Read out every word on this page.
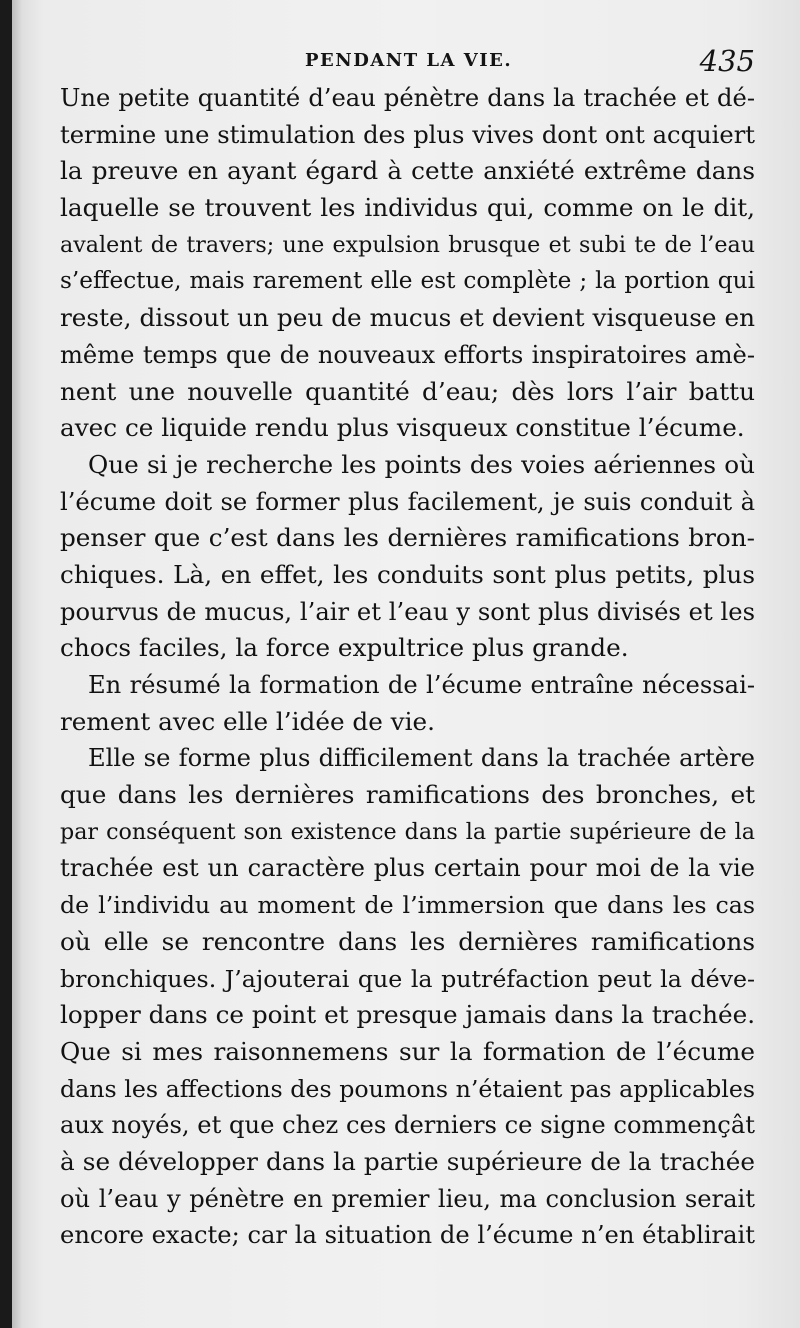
PENDANT LA VIE.	435
Une petite quantité d’eau pénètre dans la trachée et dé-
termine une stimulation des plus vives dont ont acquiert
la preuve en ayant égard à cette anxiété extrême dans
laquelle se trouvent les individus qui, comme on le dit,
avalent de travers; une expulsion brusque et subi te de l’eau
s’effectue, mais rarement elle est complète ; la portion qui
reste, dissout un peu de mucus et devient visqueuse en
même temps que de nouveaux efforts inspiratoires amè-
nent une nouvelle quantité d’eau; dès lors l’air battu
avec ce liquide rendu plus visqueux constitue l’écume.
Que si je recherche les points des voies aériennes où
l’écume doit se former plus facilement, je suis conduit à
penser que c’est dans les dernières ramifications bron-
chiques. Là, en effet, les conduits sont plus petits, plus
pourvus de mucus, l’air et l’eau y sont plus divisés et les
chocs faciles, la force expultrice plus grande.
En résumé la formation de l’écume entraîne nécessai-
rement avec elle l’idée de vie.
Elle se forme plus difficilement dans la trachée artère
que dans les dernières ramifications des bronches, et
par conséquent son existence dans la partie supérieure de la
trachée est un caractère plus certain pour moi de la vie
de l’individu au moment de l’immersion que dans les cas
où elle se rencontre dans les dernières ramifications
bronchiques. J’ajouterai que la putréfaction peut la déve-
lopper dans ce point et presque jamais dans la trachée.
Que si mes raisonnemens sur la formation de l’écume
dans les affections des poumons n’étaient pas applicables
aux noyés, et que chez ces derniers ce signe commençât
à se développer dans la partie supérieure de la trachée
où l’eau y pénètre en premier lieu, ma conclusion serait
encore exacte; car la situation de l’écume n’en établirait
